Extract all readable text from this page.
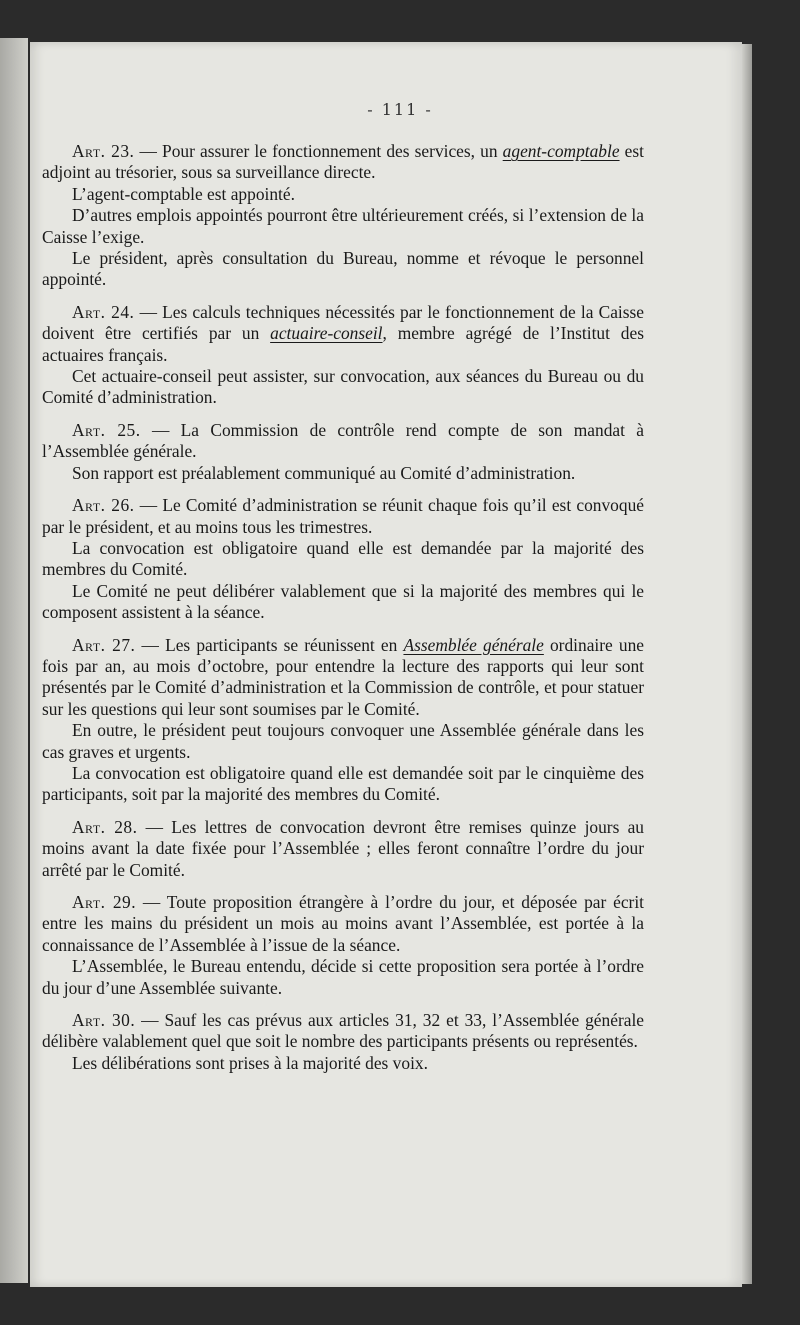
- 111 -

Art. 23. — Pour assurer le fonctionnement des services, un agent-comptable est adjoint au trésorier, sous sa surveillance directe.

L’agent-comptable est appointé.

D’autres emplois appointés pourront être ultérieurement créés, si l’extension de la Caisse l’exige.

Le président, après consultation du Bureau, nomme et révoque le personnel appointé.

Art. 24. — Les calculs techniques nécessités par le fonctionnement de la Caisse doivent être certifiés par un actuaire-conseil, membre agrégé de l’Institut des actuaires français.

Cet actuaire-conseil peut assister, sur convocation, aux séances du Bureau ou du Comité d’administration.

Art. 25. — La Commission de contrôle rend compte de son mandat à l’Assemblée générale.

Son rapport est préalablement communiqué au Comité d’administration.

Art. 26. — Le Comité d’administration se réunit chaque fois qu’il est convoqué par le président, et au moins tous les trimestres.

La convocation est obligatoire quand elle est demandée par la majorité des membres du Comité.

Le Comité ne peut délibérer valablement que si la majorité des membres qui le composent assistent à la séance.

Art. 27. — Les participants se réunissent en Assemblée générale ordinaire une fois par an, au mois d’octobre, pour entendre la lecture des rapports qui leur sont présentés par le Comité d’administration et la Commission de contrôle, et pour statuer sur les questions qui leur sont soumises par le Comité.

En outre, le président peut toujours convoquer une Assemblée générale dans les cas graves et urgents.

La convocation est obligatoire quand elle est demandée soit par le cinquième des participants, soit par la majorité des membres du Comité.

Art. 28. — Les lettres de convocation devront être remises quinze jours au moins avant la date fixée pour l’Assemblée ; elles feront connaître l’ordre du jour arrêté par le Comité.

Art. 29. — Toute proposition étrangère à l’ordre du jour, et déposée par écrit entre les mains du président un mois au moins avant l’Assemblée, est portée à la connaissance de l’Assemblée à l’issue de la séance.

L’Assemblée, le Bureau entendu, décide si cette proposition sera portée à l’ordre du jour d’une Assemblée suivante.

Art. 30. — Sauf les cas prévus aux articles 31, 32 et 33, l’Assemblée générale délibère valablement quel que soit le nombre des participants présents ou représentés.

Les délibérations sont prises à la majorité des voix.
